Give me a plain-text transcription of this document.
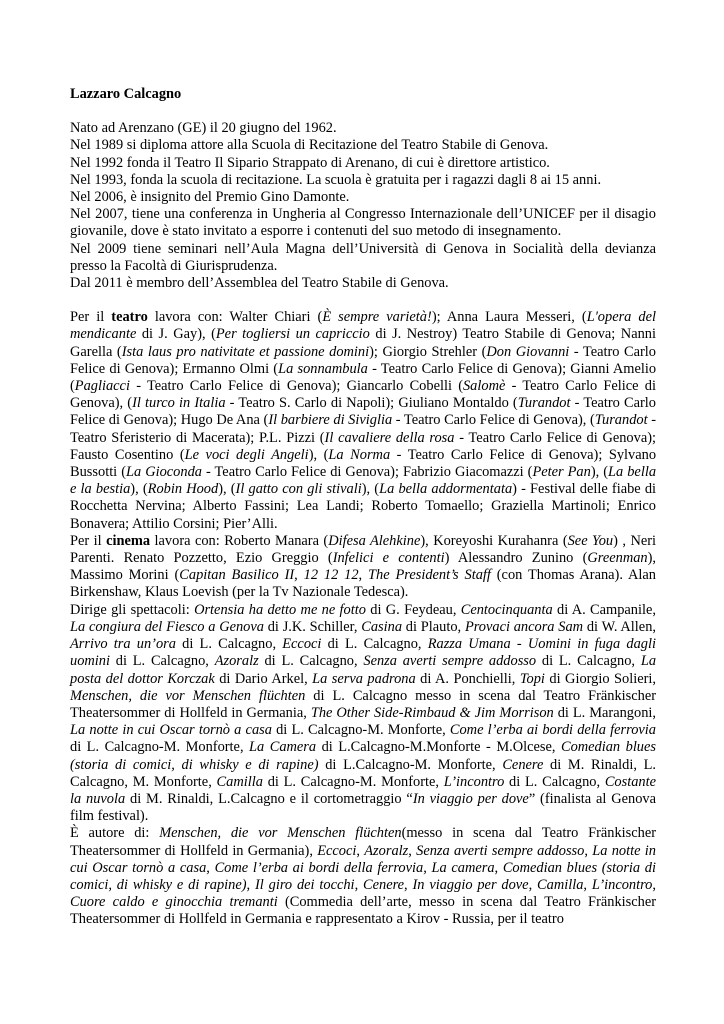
Lazzaro Calcagno

Nato ad Arenzano (GE) il 20 giugno del 1962.

Nel 1989 si diploma attore alla Scuola di Recitazione del Teatro Stabile di Genova.

Nel 1992 fonda il Teatro Il Sipario Strappato di Arenano, di cui è direttore artistico.

Nel 1993, fonda la scuola di recitazione. La scuola è gratuita per i ragazzi dagli 8 ai 15 anni.

Nel 2006, è insignito del Premio Gino Damonte.

Nel 2007, tiene una conferenza in Ungheria al Congresso Internazionale dell’UNICEF per il disagio giovanile, dove è stato invitato a esporre i contenuti del suo metodo di insegnamento.

Nel 2009 tiene seminari nell’Aula Magna dell’Università di Genova in Socialità della devianza presso la Facoltà di Giurisprudenza.

Dal 2011 è membro dell’Assemblea del Teatro Stabile di Genova.

Per il teatro lavora con: Walter Chiari (È sempre varietà!); Anna Laura Messeri, (L'opera del mendicante di J. Gay), (Per togliersi un capriccio di J. Nestroy) Teatro Stabile di Genova; Nanni Garella (Ista laus pro nativitate et passione domini); Giorgio Strehler (Don Giovanni - Teatro Carlo Felice di Genova); Ermanno Olmi (La sonnambula - Teatro Carlo Felice di Genova); Gianni Amelio (Pagliacci - Teatro Carlo Felice di Genova); Giancarlo Cobelli (Salomè - Teatro Carlo Felice di Genova), (Il turco in Italia - Teatro S. Carlo di Napoli); Giuliano Montaldo (Turandot - Teatro Carlo Felice di Genova); Hugo De Ana (Il barbiere di Siviglia - Teatro Carlo Felice di Genova), (Turandot - Teatro Sferisterio di Macerata); P.L. Pizzi (Il cavaliere della rosa - Teatro Carlo Felice di Genova); Fausto Cosentino (Le voci degli Angeli), (La Norma - Teatro Carlo Felice di Genova); Sylvano Bussotti (La Gioconda - Teatro Carlo Felice di Genova); Fabrizio Giacomazzi (Peter Pan), (La bella e la bestia), (Robin Hood), (Il gatto con gli stivali), (La bella addormentata) - Festival delle fiabe di Rocchetta Nervina; Alberto Fassini; Lea Landi; Roberto Tomaello; Graziella Martinoli; Enrico Bonavera; Attilio Corsini; Pier’Alli.

Per il cinema lavora con: Roberto Manara (Difesa Alehkine), Koreyoshi Kurahanra (See You) , Neri Parenti. Renato Pozzetto, Ezio Greggio (Infelici e contenti) Alessandro Zunino (Greenman), Massimo Morini (Capitan Basilico II, 12 12 12, The President’s Staff (con Thomas Arana). Alan Birkenshaw, Klaus Loevish (per la Tv Nazionale Tedesca).

Dirige gli spettacoli: Ortensia ha detto me ne fotto di G. Feydeau, Centocinquanta di A. Campanile, La congiura del Fiesco a Genova di J.K. Schiller, Casina di Plauto, Provaci ancora Sam di W. Allen, Arrivo tra un’ora di L. Calcagno, Eccoci di L. Calcagno, Razza Umana - Uomini in fuga dagli uomini di L. Calcagno, Azoralz di L. Calcagno, Senza averti sempre addosso di L. Calcagno, La posta del dottor Korczak di Dario Arkel, La serva padrona di A. Ponchielli, Topi di Giorgio Solieri, Menschen, die vor Menschen flüchten di L. Calcagno messo in scena dal Teatro Fränkischer Theatersommer di Hollfeld in Germania, The Other Side-Rimbaud & Jim Morrison di L. Marangoni, La notte in cui Oscar tornò a casa di L. Calcagno-M. Monforte, Come l’erba ai bordi della ferrovia di L. Calcagno-M. Monforte, La Camera di L.Calcagno-M.Monforte - M.Olcese, Comedian blues (storia di comici, di whisky e di rapine) di L.Calcagno-M. Monforte, Cenere di M. Rinaldi, L. Calcagno, M. Monforte, Camilla di L. Calcagno-M. Monforte, L’incontro di L. Calcagno, Costante la nuvola di M. Rinaldi, L.Calcagno e il cortometraggio “In viaggio per dove” (finalista al Genova film festival).

È autore di: Menschen, die vor Menschen flüchten(messo in scena dal Teatro Fränkischer Theatersommer di Hollfeld in Germania), Eccoci, Azoralz, Senza averti sempre addosso, La notte in cui Oscar tornò a casa, Come l’erba ai bordi della ferrovia, La camera, Comedian blues (storia di comici, di whisky e di rapine), Il giro dei tocchi, Cenere, In viaggio per dove, Camilla, L’incontro, Cuore caldo e ginocchia tremanti (Commedia dell’arte, messo in scena dal Teatro Fränkischer Theatersommer di Hollfeld in Germania e rappresentato a Kirov - Russia, per il teatro
